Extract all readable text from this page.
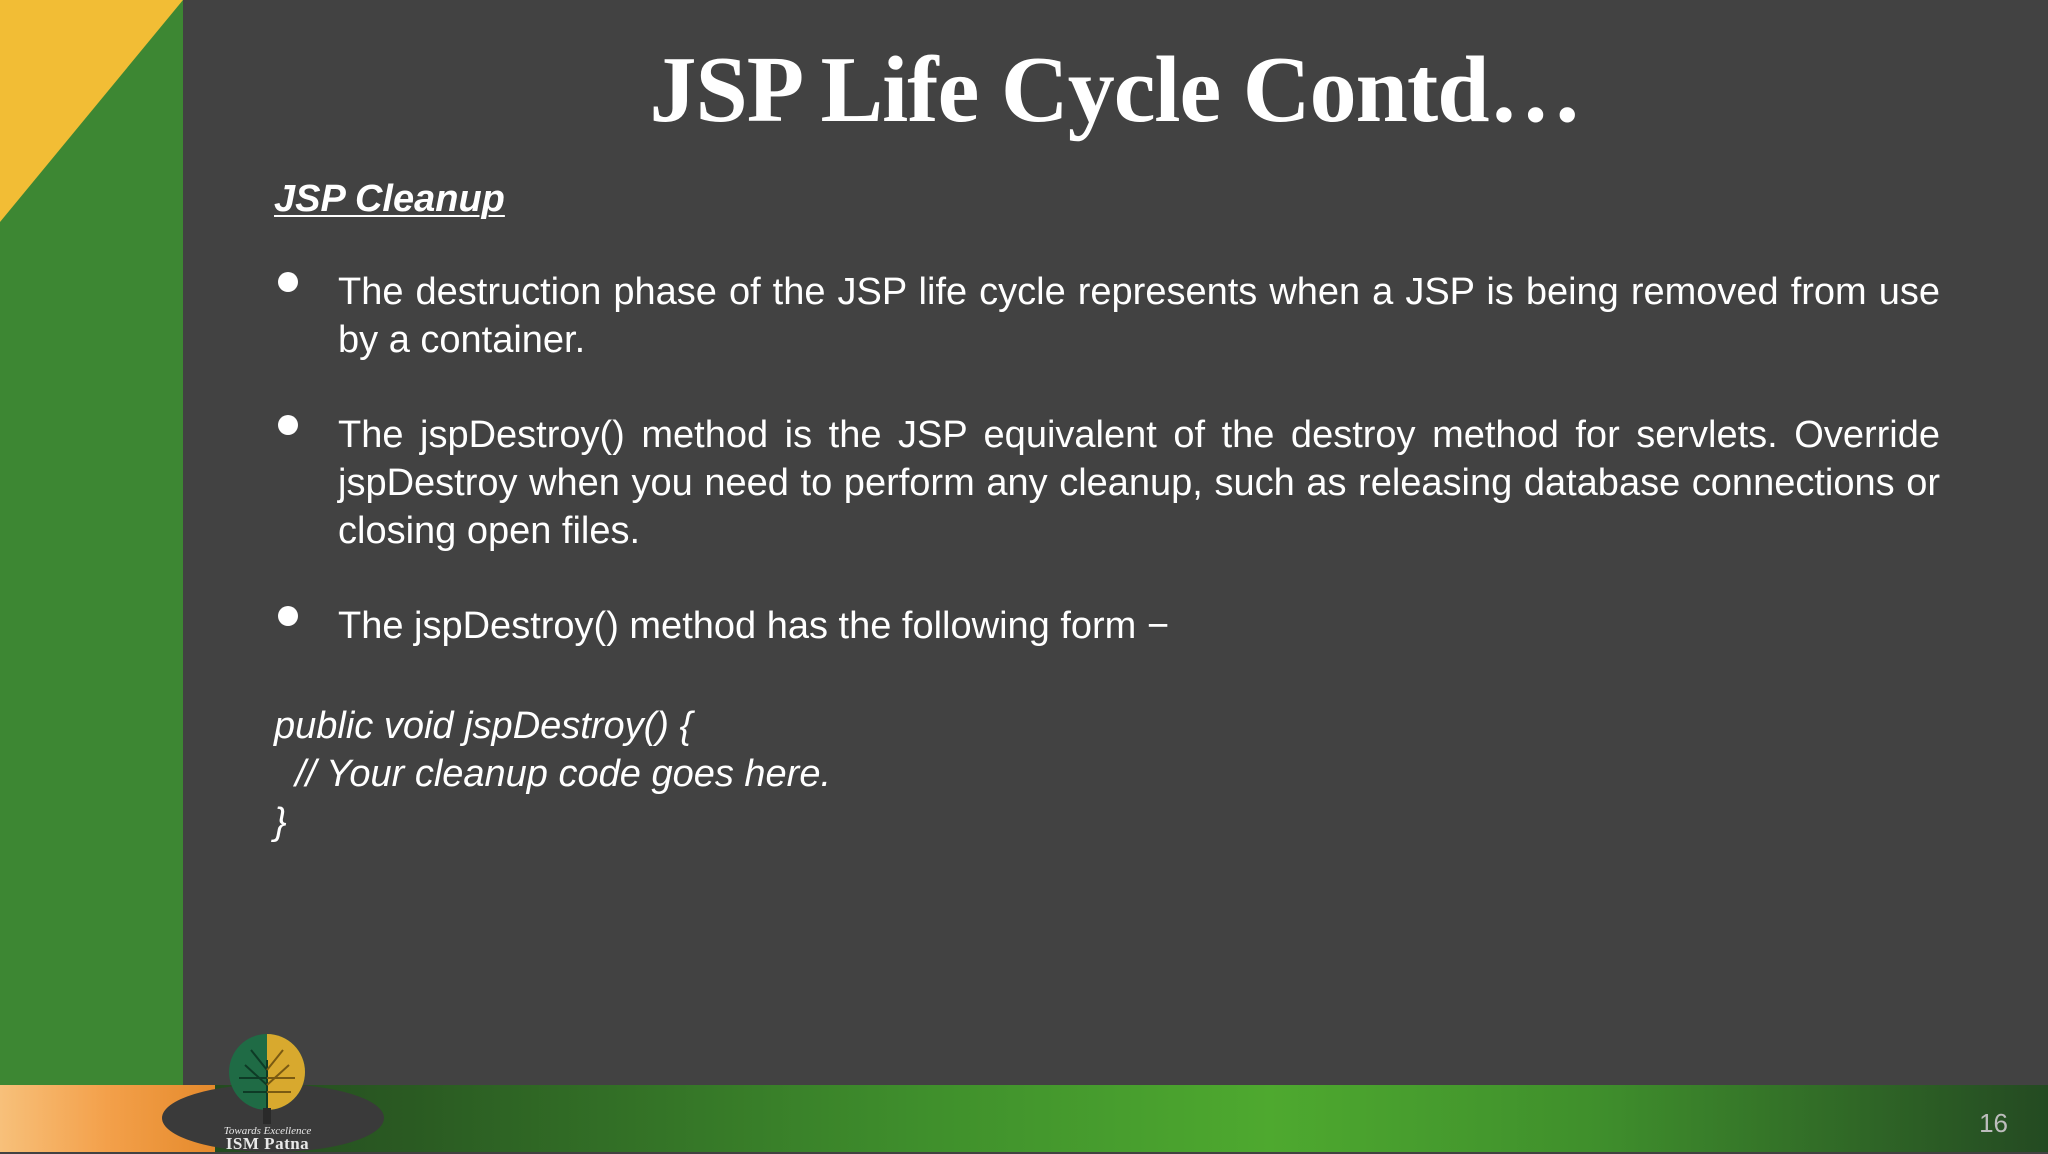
Towards Excellence
ISM Patna
JSP Life Cycle Contd…
JSP Cleanup
The destruction phase of the JSP life cycle represents when a JSP is being removed from use by a container.
The jspDestroy() method is the JSP equivalent of the destroy method for servlets. Override jspDestroy when you need to perform any cleanup, such as releasing database connections or closing open files.
The jspDestroy() method has the following form −
public void jspDestroy() {
// Your cleanup code goes here.
}
16
